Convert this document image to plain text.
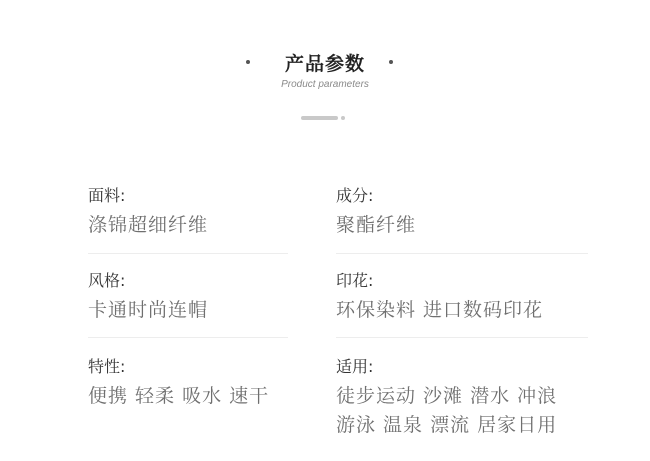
产品参数
Product parameters
面料:
涤锦超细纤维
成分:
聚酯纤维
风格:
卡通时尚连帽
印花:
环保染料 进口数码印花
特性:
便携 轻柔 吸水 速干
适用:
徒步运动 沙滩 潜水 冲浪
游泳 温泉 漂流 居家日用
